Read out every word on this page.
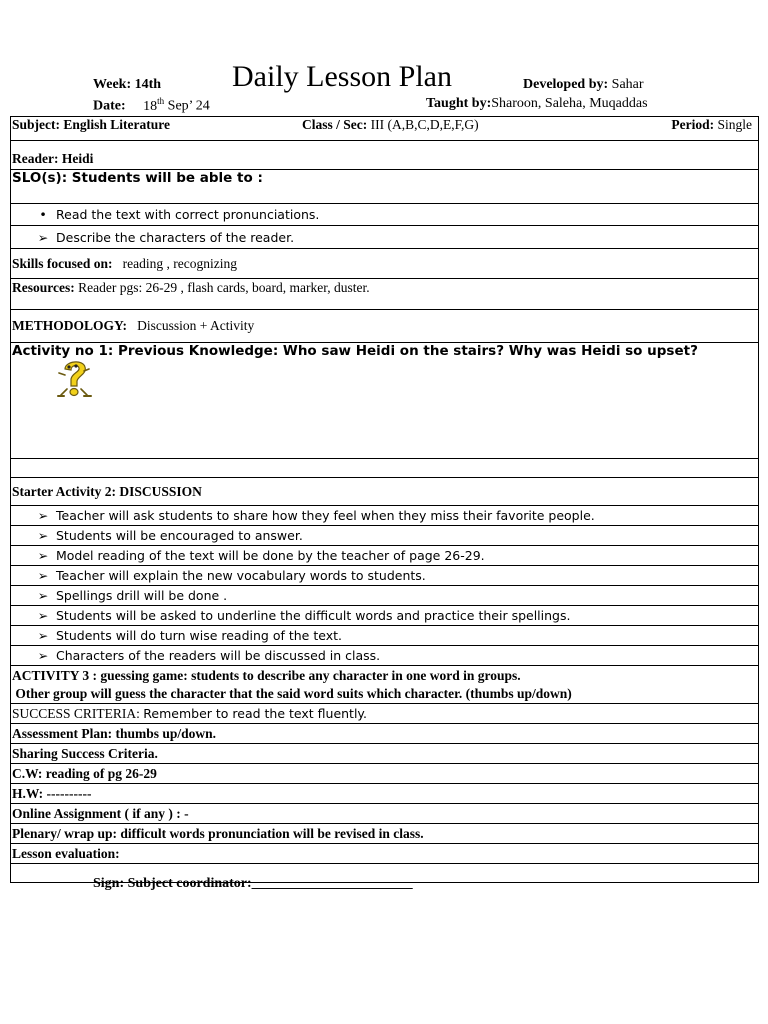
Week: 14th Daily Lesson Plan	Developed by: Sahar
Date: 18th Sep’ 24	Taught by:Sharoon, Saleha, Muqaddas
Subject: English Literature	Class / Sec: III (A,B,C,D,E,F,G)	Period: Single

Reader: Heidi

SLO(s): Students will be able to :

• Read the text with correct pronunciations.
➢ Describe the characters of the reader.
Skills focused on: reading , recognizing
Resources: Reader pgs: 26-29 , flash cards, board, marker, duster.
METHODOLOGY: Discussion + Activity

Activity no 1: Previous Knowledge: Who saw Heidi on the stairs? Why was Heidi so upset?

Starter Activity 2: DISCUSSION
➢ Teacher will ask students to share how they feel when they miss their favorite people.
➢ Students will be encouraged to answer.
➢ Model reading of the text will be done by the teacher of page 26-29.
➢ Teacher will explain the new vocabulary words to students.
➢ Spellings drill will be done .
➢ Students will be asked to underline the difficult words and practice their spellings.
➢ Students will do turn wise reading of the text.
➢ Characters of the readers will be discussed in class.

ACTIVITY 3 : guessing game: students to describe any character in one word in groups.
Other group will guess the character that the said word suits which character. (thumbs up/down)

SUCCESS CRITERIA: Remember to read the text fluently.
Assessment Plan: thumbs up/down.
Sharing Success Criteria.
C.W: reading of pg 26-29
H.W: ----------
Online Assignment ( if any ) : -
Plenary/ wrap up: difficult words pronunciation will be revised in class.
Lesson evaluation:

Sign: Subject coordinator:_______________________
